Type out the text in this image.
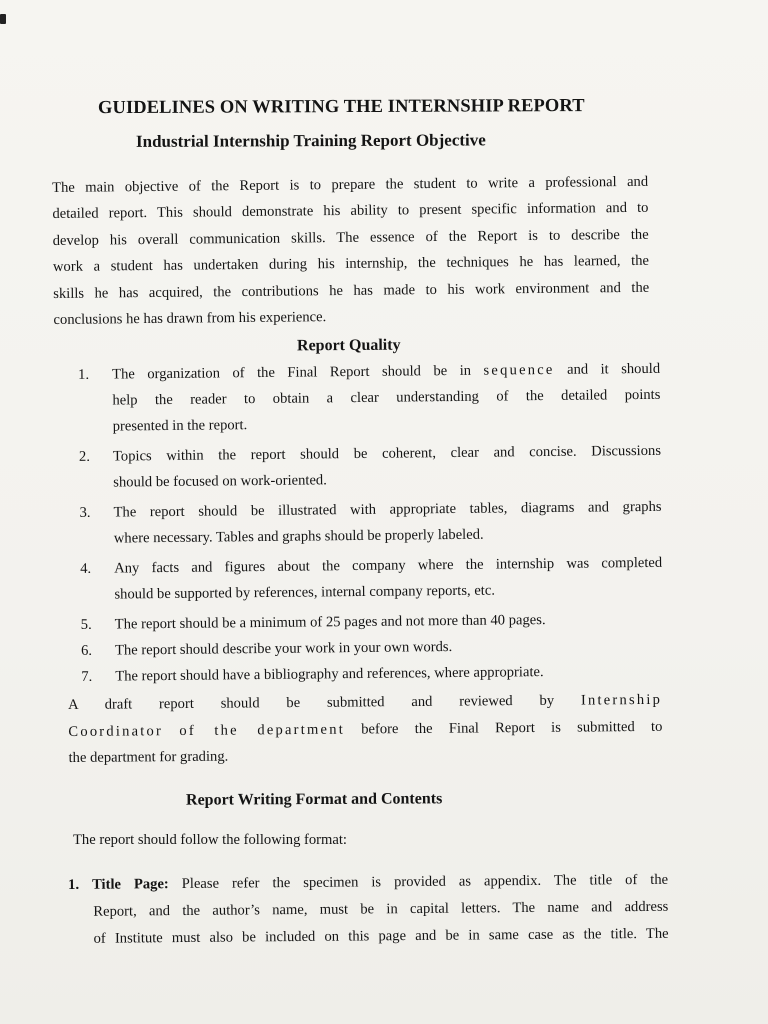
GUIDELINES ON WRITING THE INTERNSHIP REPORT
Industrial Internship Training Report Objective
The main objective of the Report is to prepare the student to write a professional and
detailed report. This should demonstrate his ability to present specific information and to
develop his overall communication skills. The essence of the Report is to describe the
work a student has undertaken during his internship, the techniques he has learned, the
skills he has acquired, the contributions he has made to his work environment and the
conclusions he has drawn from his experience.
Report Quality
1. The organization of the Final Report should be in sequence and it should
help the reader to obtain a clear understanding of the detailed points
presented in the report.
2. Topics within the report should be coherent, clear and concise. Discussions
should be focused on work-oriented.
3. The report should be illustrated with appropriate tables, diagrams and graphs
where necessary. Tables and graphs should be properly labeled.
4. Any facts and figures about the company where the internship was completed
should be supported by references, internal company reports, etc.
5. The report should be a minimum of 25 pages and not more than 40 pages.
6. The report should describe your work in your own words.
7. The report should have a bibliography and references, where appropriate.
A draft report should be submitted and reviewed by Internship
Coordinator of the department before the Final Report is submitted to
the department for grading.
Report Writing Format and Contents
The report should follow the following format:
1. Title Page: Please refer the specimen is provided as appendix. The title of the
Report, and the author’s name, must be in capital letters. The name and address
of Institute must also be included on this page and be in same case as the title. The
